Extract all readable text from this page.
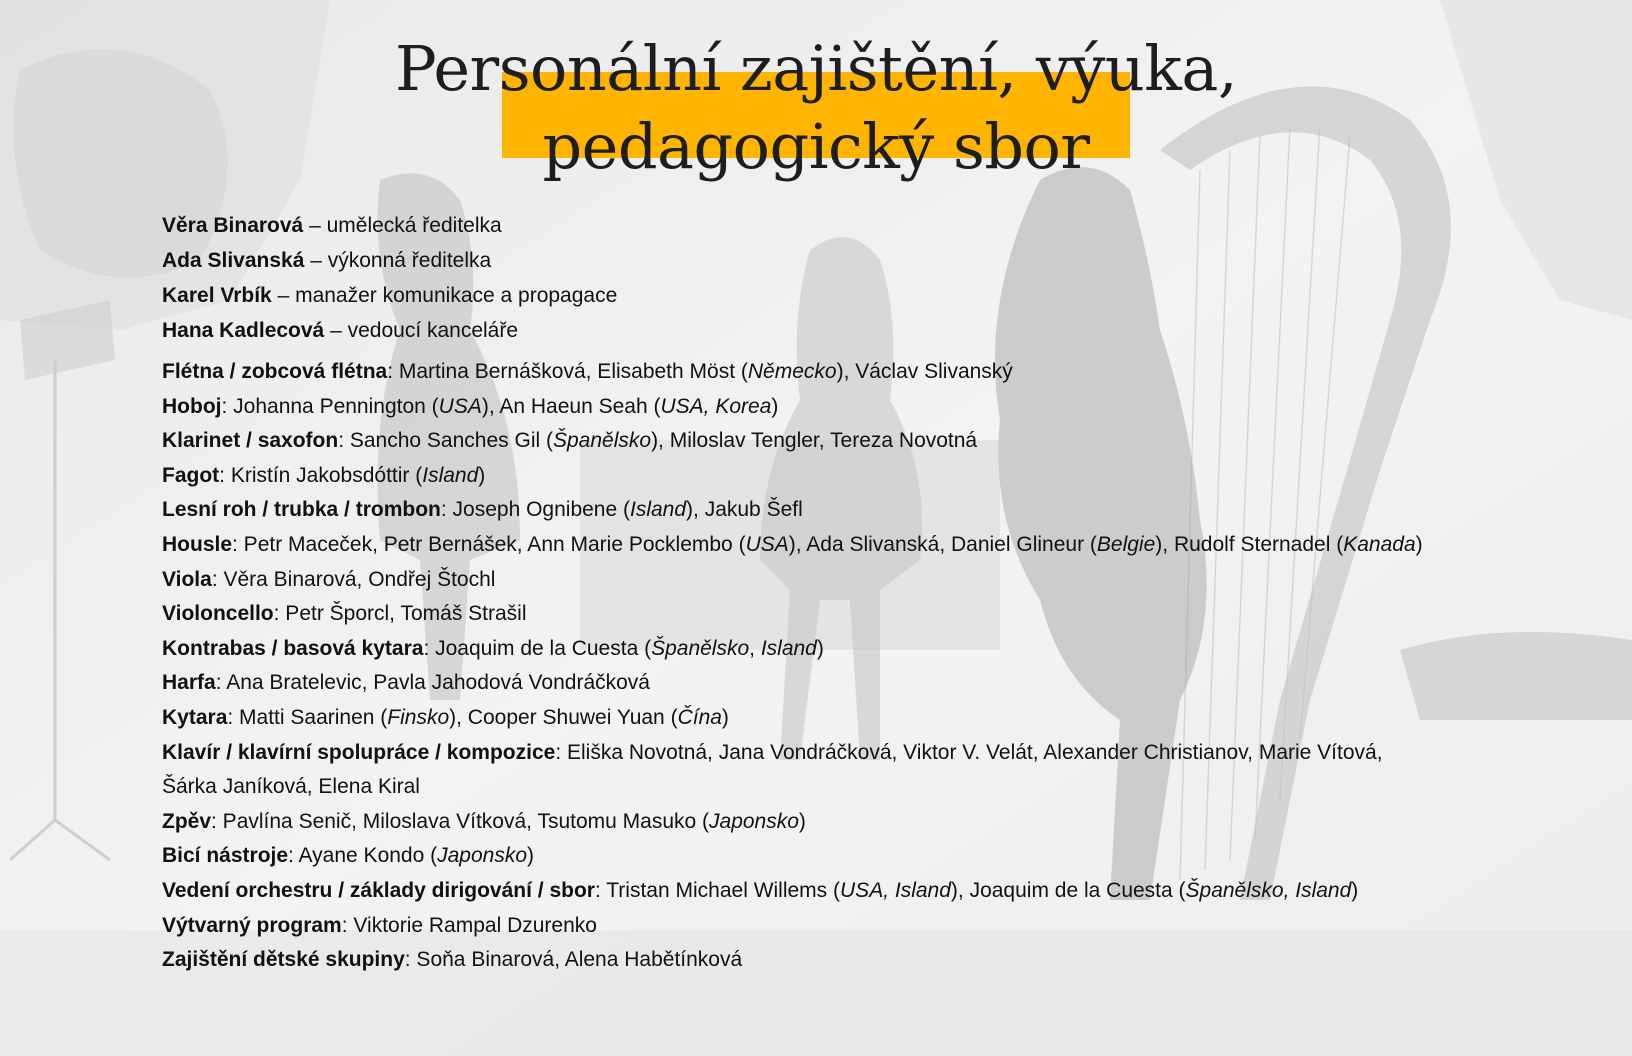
Personální zajištění, výuka,
pedagogický sbor
Věra Binarová – umělecká ředitelka
Ada Slivanská – výkonná ředitelka
Karel Vrbík – manažer komunikace a propagace
Hana Kadlecová – vedoucí kanceláře
Flétna / zobcová flétna: Martina Bernášková, Elisabeth Möst (Německo), Václav Slivanský
Hoboj: Johanna Pennington (USA), An Haeun Seah (USA, Korea)
Klarinet / saxofon: Sancho Sanches Gil (Španělsko), Miloslav Tengler, Tereza Novotná
Fagot: Kristín Jakobsdóttir (Island)
Lesní roh / trubka / trombon: Joseph Ognibene (Island), Jakub Šefl
Housle: Petr Maceček, Petr Bernášek, Ann Marie Pocklembo (USA), Ada Slivanská, Daniel Glineur (Belgie), Rudolf Sternadel (Kanada)
Viola: Věra Binarová, Ondřej Štochl
Violoncello: Petr Šporcl, Tomáš Strašil
Kontrabas / basová kytara: Joaquim de la Cuesta (Španělsko, Island)
Harfa: Ana Bratelevic, Pavla Jahodová Vondráčková
Kytara: Matti Saarinen (Finsko), Cooper Shuwei Yuan (Čína)
Klavír / klavírní spolupráce / kompozice: Eliška Novotná, Jana Vondráčková, Viktor V. Velát, Alexander Christianov, Marie Vítová, Šárka Janíková, Elena Kiral
Zpěv: Pavlína Senič, Miloslava Vítková, Tsutomu Masuko (Japonsko)
Bicí nástroje: Ayane Kondo (Japonsko)
Vedení orchestru / základy dirigování / sbor: Tristan Michael Willems (USA, Island), Joaquim de la Cuesta (Španělsko, Island)
Výtvarný program: Viktorie Rampal Dzurenko
Zajištění dětské skupiny: Soňa Binarová, Alena Habětínková
